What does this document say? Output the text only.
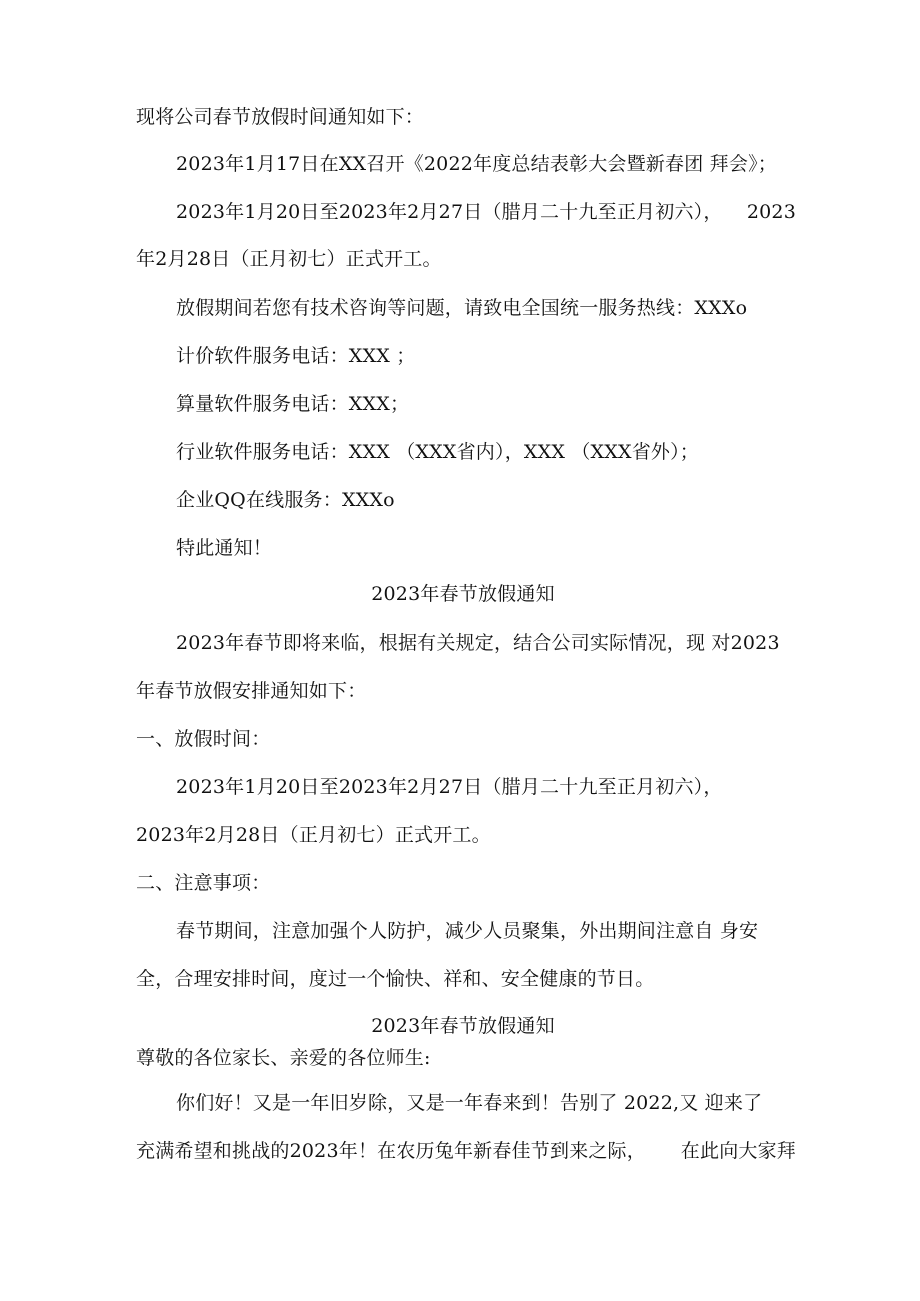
现将公司春节放假时间通知如下：
2023年1月17日在XX召开《2022年度总结表彰大会暨新春团 拜会》；
2023年1月20日至2023年2月27日（腊月二十九至正月初六）， 2023
年2月28日（正月初七）正式开工。
放假期间若您有技术咨询等问题，请致电全国统一服务热线：XXXo
计价软件服务电话：XXX ；
算量软件服务电话：XXX；
行业软件服务电话：XXX （XXX省内），XXX （XXX省外）；
企业QQ在线服务：XXXo
特此通知！
2023年春节放假通知
2023年春节即将来临，根据有关规定，结合公司实际情况，现 对2023
年春节放假安排通知如下：
一、放假时间：
2023年1月20日至2023年2月27日（腊月二十九至正月初六），
2023年2月28日（正月初七）正式开工。
二、注意事项：
春节期间，注意加强个人防护，减少人员聚集，外出期间注意自 身安
全，合理安排时间，度过一个愉快、祥和、安全健康的节日。
2023年春节放假通知
尊敬的各位家长、亲爱的各位师生:
你们好！又是一年旧岁除，又是一年春来到！告别了 2022,又 迎来了
充满希望和挑战的2023年！在农历兔年新春佳节到来之际， 在此向大家拜
